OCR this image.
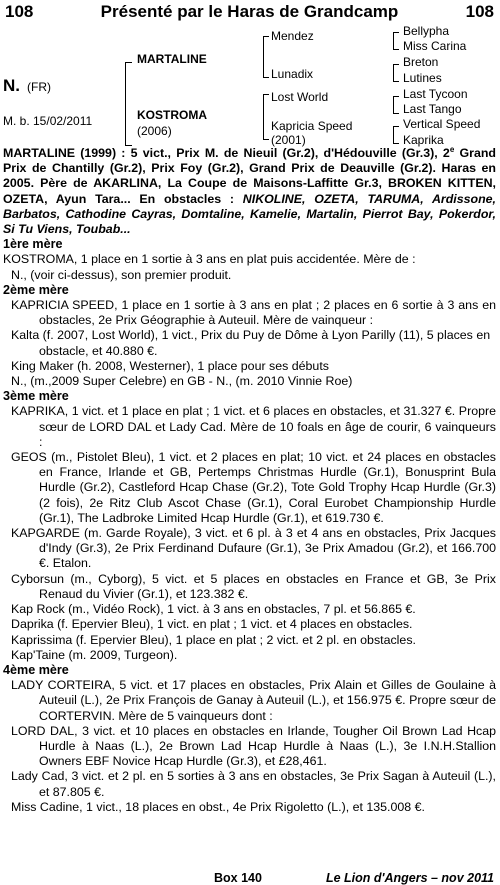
108	Présenté par le Haras de Grandcamp	108
N. (FR)
M. b. 15/02/2011
MARTALINE
KOSTROMA
(2006)
Mendez
Lunadix
Lost World
Kapricia Speed
(2001)
Bellypha
Miss Carina
Breton
Lutines
Last Tycoon
Last Tango
Vertical Speed
Kaprika

MARTALINE (1999) : 5 vict., Prix M. de Nieuil (Gr.2), d'Hédouville (Gr.3), 2e Grand Prix de Chantilly (Gr.2), Prix Foy (Gr.2), Grand Prix de Deauville (Gr.2). Haras en 2005. Père de AKARLINA, La Coupe de Maisons-Laffitte Gr.3, BROKEN KITTEN, OZETA, Ayun Tara... En obstacles : NIKOLINE, OZETA, TARUMA, Ardissone, Barbatos, Cathodine Cayras, Domtaline, Kamelie, Martalin, Pierrot Bay, Pokerdor, Si Tu Viens, Toubab...

1ère mère

KOSTROMA, 1 place en 1 sortie à 3 ans en plat puis accidentée. Mère de :

N., (voir ci-dessus), son premier produit.

2ème mère

KAPRICIA SPEED, 1 place en 1 sortie à 3 ans en plat ; 2 places en 6 sortie à 3 ans en obstacles, 2e Prix Géographie à Auteuil. Mère de vainqueur :

Kalta (f. 2007, Lost World), 1 vict., Prix du Puy de Dôme à Lyon Parilly (11), 5 places en obstacle, et 40.880 €.

King Maker (h. 2008, Westerner), 1 place pour ses débuts

N., (m.,2009 Super Celebre) en GB - N., (m. 2010 Vinnie Roe)

3ème mère

KAPRIKA, 1 vict. et 1 place en plat ; 1 vict. et 6 places en obstacles, et 31.327 €. Propre sœur de LORD DAL et Lady Cad. Mère de 10 foals en âge de courir, 6 vainqueurs :

GEOS (m., Pistolet Bleu), 1 vict. et 2 places en plat; 10 vict. et 24 places en obstacles en France, Irlande et GB, Pertemps Christmas Hurdle (Gr.1), Bonusprint Bula Hurdle (Gr.2), Castleford Hcap Chase (Gr.2), Tote Gold Trophy Hcap Hurdle (Gr.3) (2 fois), 2e Ritz Club Ascot Chase (Gr.1), Coral Eurobet Championship Hurdle (Gr.1), The Ladbroke Limited Hcap Hurdle (Gr.1), et 619.730 €.

KAPGARDE (m. Garde Royale), 3 vict. et 6 pl. à 3 et 4 ans en obstacles, Prix Jacques d'Indy (Gr.3), 2e Prix Ferdinand Dufaure (Gr.1), 3e Prix Amadou (Gr.2), et 166.700 €. Etalon.

Cyborsun (m., Cyborg), 5 vict. et 5 places en obstacles en France et GB, 3e Prix Renaud du Vivier (Gr.1), et 123.382 €.

Kap Rock (m., Vidéo Rock), 1 vict. à 3 ans en obstacles, 7 pl. et 56.865 €.

Daprika (f. Epervier Bleu), 1 vict. en plat ; 1 vict. et 4 places en obstacles.

Kaprissima (f. Epervier Bleu), 1 place en plat ; 2 vict. et 2 pl. en obstacles.

Kap'Taine (m. 2009, Turgeon).

4ème mère

LADY CORTEIRA, 5 vict. et 17 places en obstacles, Prix Alain et Gilles de Goulaine à Auteuil (L.), 2e Prix François de Ganay à Auteuil (L.), et 156.975 €. Propre sœur de CORTERVIN. Mère de 5 vainqueurs dont :

LORD DAL, 3 vict. et 10 places en obstacles en Irlande, Tougher Oil Brown Lad Hcap Hurdle à Naas (L.), 2e Brown Lad Hcap Hurdle à Naas (L.), 3e I.N.H.Stallion Owners EBF Novice Hcap Hurdle (Gr.3), et £28,461.

Lady Cad, 3 vict. et 2 pl. en 5 sorties à 3 ans en obstacles, 3e Prix Sagan à Auteuil (L.), et 87.805 €.

Miss Cadine, 1 vict., 18 places en obst., 4e Prix Rigoletto (L.), et 135.008 €.

Box 140	Le Lion d'Angers – nov 2011
